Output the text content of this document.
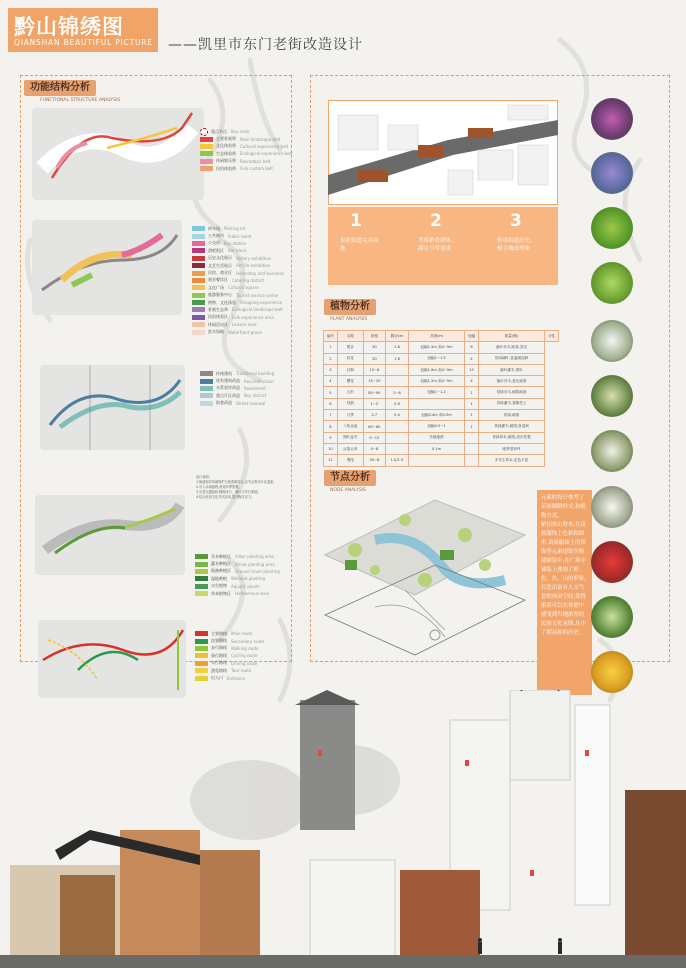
黔山锦绣图
QIANSHAN BEAUTIFUL PICTURE ——凯里市东门老街改造设计
功能结构分析
FUNCTIONAL STRUCTURE ANALYSIS
重点节点 Key node
主要景观带 Main landscape belt
文化体验带 Cultural experience belt
生态体验带 Ecological experience belt
休闲娱乐带 Recreation belt
民俗体验带 Folk custom belt
停车场 Parking lot
公共厕所 Public toilet
公交站 Bus station
酒吧街区 Bar block
历史文化展示 History exhibition
文艺生活展示 Art life exhibition
民宿、商业区 Homestay and business
商业餐饮区 Catering district
文化广场 Cultural square
旅游服务中心 Tourist service center
购物、文化体验 Shopping experience
景观生态带 Ecological landscape belt
民俗体验区 Folk experience area
休闲活动区 Leisure area
滨水绿地 Waterfront green
传统建筑 Traditional building
现有建筑改造 Reconstruction
水系驳岸改造 Revetment
重点片区改造 Key district
街巷改造 Street renewal
乔木种植区 Arbor planting area
灌木种植区 Shrub planting area
地被种植区 Ground cover planting
湿地种植 Wetland planting
水生植物 Aquatic plants
草本植物区 Herbaceous area
主要路线 Main route
次要路线 Secondary route
步行路线 Walking route
骑行路线 Cycling route
车行路线 Driving route
游览路线 Tour route
出入口 Entrance
设计说明:
1.街道现状风貌保护与改造相结合,以节点带动片区更新。
2.引入本地植物,营造四季景观。
3.完善交通组织,梳理步行、骑行与车行系统。
4.结合民俗文化节庆活动,提升街区活力。
1
更新街道完善设施
2
考察游众群体、满足日常需求
3
传承街道历史、树立城市形象
植物分析
PLANT ANALYSIS
编号	名称	规格	胸径cm	高度cm	冠幅	数量(株)	习性
1	银杏	30	1.8	冠幅1.5m 高4~5m	6	落叶乔木,耐寒,喜光	
2	桂花	20	1.6	冠幅1~1.5	4	常绿阔叶,喜温暖湿润	
3	红枫	15~8		冠幅1.8m 高4~5m	15	落叶灌木,观叶	
4	樱花	15~20		冠幅1.2m 高4~5m	4	落叶乔木,喜光耐寒	
5	云杉	80~90	2~8	冠幅1~1.2	1	常绿乔木,耐阴耐寒	
6	杜鹃	1~2	0.6		1	常绿灌木,喜酸性土	
7	月季	0.7	0.4	冠幅0.4m 高0.5m	1	常绿,耐寒	
8	八角金盘	80~60		冠幅0.5~1	1	常绿灌木,耐阴,喜湿润	
9	细叶麦冬	0~15		丛植地被		常绿草本,耐阴,适应性强	
10	百慕大草	0~8		0.1m		暖季型草坪	
11	鸢尾	30~8	1.0/1.5			多年生草本,花色丰富	
节点分析
NODE ANALYSIS
元素的设计参考了苗族图腾样式,和植物方式。
紧扣参山野木,在苗族服饰上色彩和图形,苗族服饰上的银饰等元素提取至构建铺装中,在广场中铺装上叠加了彩色、鱼、山的形象,打造出富有人文气息的休闲空间,使得游客可以在休憩中感受到当地浓厚的民族文化氛围,从中了解苗族的历史。
